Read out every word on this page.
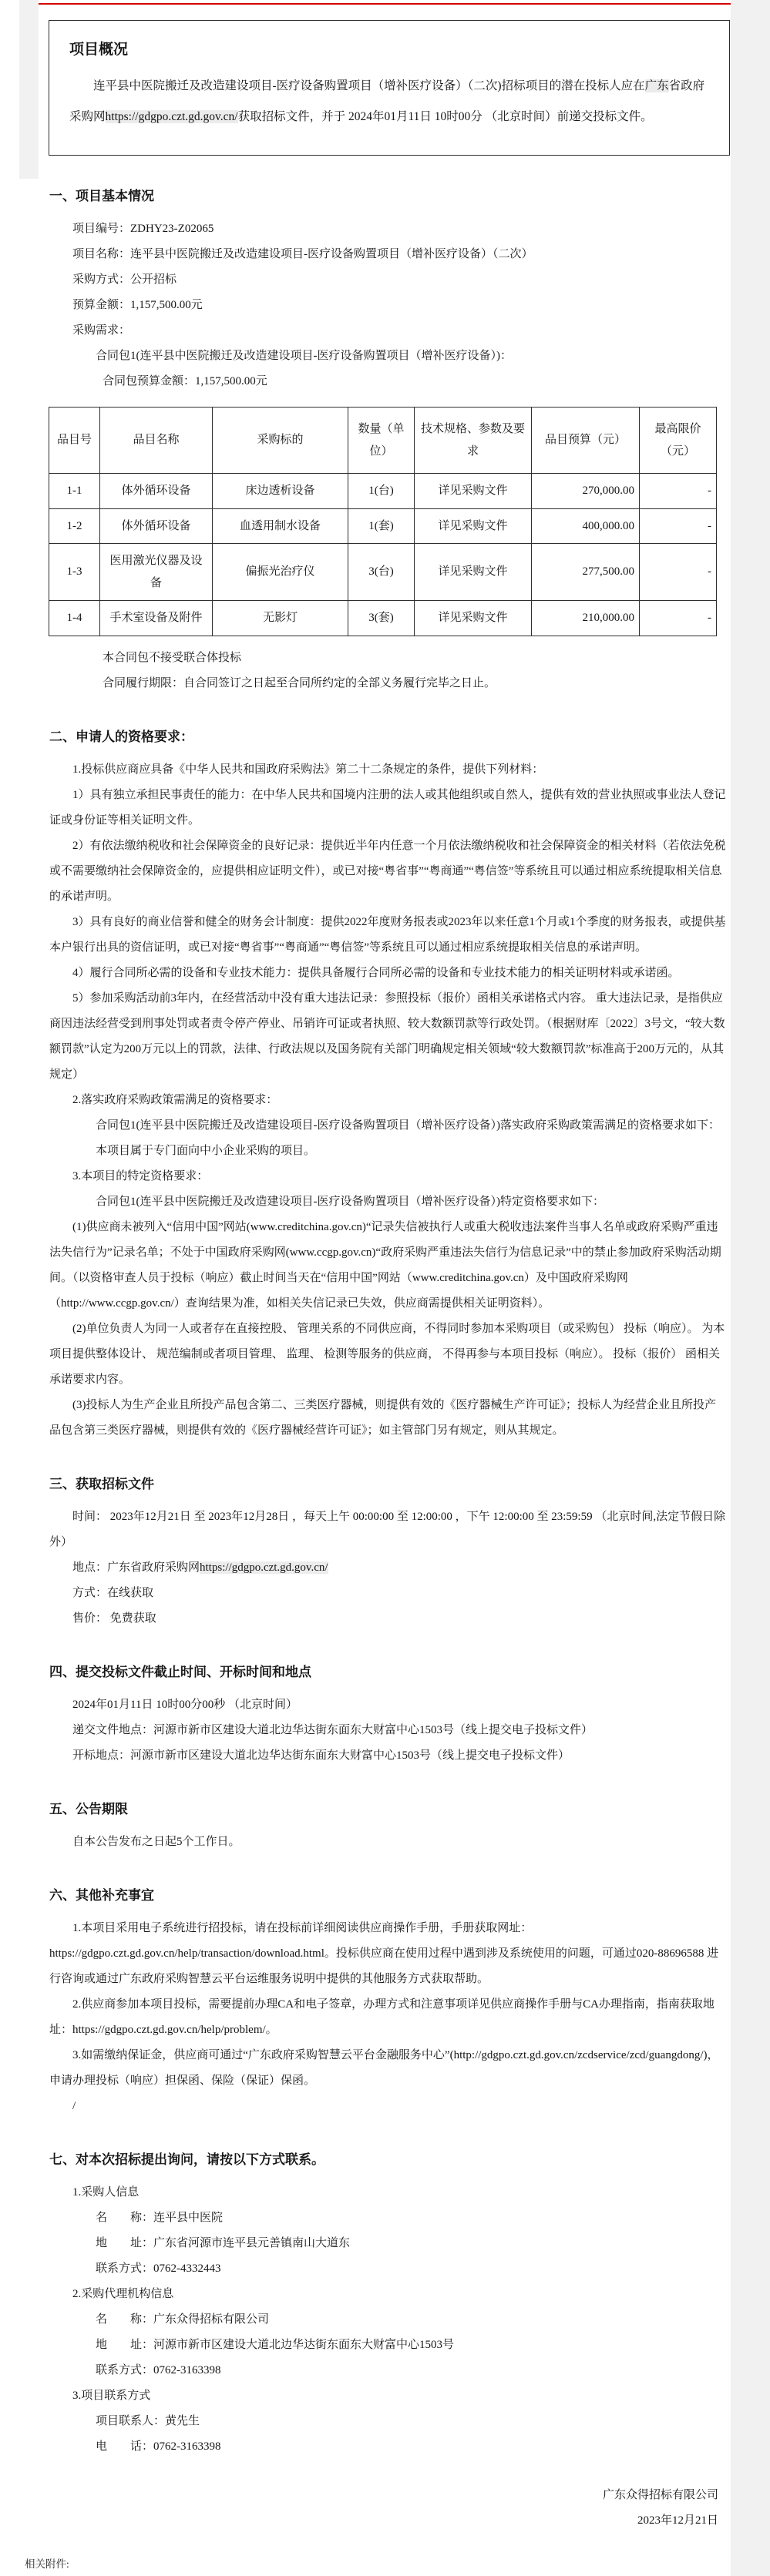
项目概况

连平县中医院搬迁及改造建设项目-医疗设备购置项目（增补医疗设备）（二次)招标项目的潜在投标人应在广东省政府采购网https://gdgpo.czt.gd.gov.cn/获取招标文件，并于 2024年01月11日 10时00分 （北京时间）前递交投标文件。

一、项目基本情况

项目编号：ZDHY23-Z02065

项目名称：连平县中医院搬迁及改造建设项目-医疗设备购置项目（增补医疗设备）（二次）

采购方式：公开招标

预算金额：1,157,500.00元

采购需求：

合同包1(连平县中医院搬迁及改造建设项目-医疗设备购置项目（增补医疗设备）)：

合同包预算金额：1,157,500.00元

品目号	品目名称	采购标的	数量（单位）	技术规格、参数及要求	品目预算（元）	最高限价（元）
1-1	体外循环设备	床边透析设备	1(台)	详见采购文件	270,000.00	-
1-2	体外循环设备	血透用制水设备	1(套)	详见采购文件	400,000.00	-
1-3	医用激光仪器及设备	偏振光治疗仪	3(台)	详见采购文件	277,500.00	-
1-4	手术室设备及附件	无影灯	3(套)	详见采购文件	210,000.00	-

本合同包不接受联合体投标

合同履行期限：自合同签订之日起至合同所约定的全部义务履行完毕之日止。

二、申请人的资格要求：

1.投标供应商应具备《中华人民共和国政府采购法》第二十二条规定的条件，提供下列材料：

1）具有独立承担民事责任的能力：在中华人民共和国境内注册的法人或其他组织或自然人，提供有效的营业执照或事业法人登记证或身份证等相关证明文件。

2）有依法缴纳税收和社会保障资金的良好记录：提供近半年内任意一个月依法缴纳税收和社会保障资金的相关材料（若依法免税或不需要缴纳社会保障资金的，应提供相应证明文件），或已对接“粤省事”“粤商通”“粤信签”等系统且可以通过相应系统提取相关信息的承诺声明。

3）具有良好的商业信誉和健全的财务会计制度：提供2022年度财务报表或2023年以来任意1个月或1个季度的财务报表，或提供基本户银行出具的资信证明，或已对接“粤省事”“粤商通”“粤信签”等系统且可以通过相应系统提取相关信息的承诺声明。

4）履行合同所必需的设备和专业技术能力：提供具备履行合同所必需的设备和专业技术能力的相关证明材料或承诺函。

5）参加采购活动前3年内，在经营活动中没有重大违法记录：参照投标（报价）函相关承诺格式内容。 重大违法记录，是指供应商因违法经营受到刑事处罚或者责令停产停业、吊销许可证或者执照、较大数额罚款等行政处罚。（根据财库〔2022〕3号文，“较大数额罚款”认定为200万元以上的罚款，法律、行政法规以及国务院有关部门明确规定相关领域“较大数额罚款”标准高于200万元的，从其规定）

2.落实政府采购政策需满足的资格要求：

合同包1(连平县中医院搬迁及改造建设项目-医疗设备购置项目（增补医疗设备）)落实政府采购政策需满足的资格要求如下：

本项目属于专门面向中小企业采购的项目。

3.本项目的特定资格要求：

合同包1(连平县中医院搬迁及改造建设项目-医疗设备购置项目（增补医疗设备）)特定资格要求如下：

(1)供应商未被列入“信用中国”网站(www.creditchina.gov.cn)“记录失信被执行人或重大税收违法案件当事人名单或政府采购严重违法失信行为”记录名单；不处于中国政府采购网(www.ccgp.gov.cn)“政府采购严重违法失信行为信息记录”中的禁止参加政府采购活动期间。（以资格审查人员于投标（响应）截止时间当天在“信用中国”网站（www.creditchina.gov.cn）及中国政府采购网（http://www.ccgp.gov.cn/）查询结果为准，如相关失信记录已失效，供应商需提供相关证明资料）。

(2)单位负责人为同一人或者存在直接控股、 管理关系的不同供应商，不得同时参加本采购项目（或采购包） 投标（响应）。 为本项目提供整体设计、 规范编制或者项目管理、 监理、 检测等服务的供应商， 不得再参与本项目投标（响应）。 投标（报价） 函相关承诺要求内容。

(3)投标人为生产企业且所投产品包含第二、三类医疗器械，则提供有效的《医疗器械生产许可证》；投标人为经营企业且所投产品包含第三类医疗器械，则提供有效的《医疗器械经营许可证》；如主管部门另有规定，则从其规定。

三、获取招标文件

时间： 2023年12月21日 至 2023年12月28日 ，每天上午 00:00:00 至 12:00:00 ，下午 12:00:00 至 23:59:59 （北京时间,法定节假日除外）

地点：广东省政府采购网https://gdgpo.czt.gd.gov.cn/

方式：在线获取

售价： 免费获取

四、提交投标文件截止时间、开标时间和地点

2024年01月11日 10时00分00秒 （北京时间）

递交文件地点：河源市新市区建设大道北边华达街东面东大财富中心1503号（线上提交电子投标文件）

开标地点：河源市新市区建设大道北边华达街东面东大财富中心1503号（线上提交电子投标文件）

五、公告期限

自本公告发布之日起5个工作日。

六、其他补充事宜

1.本项目采用电子系统进行招投标，请在投标前详细阅读供应商操作手册，手册获取网址：https://gdgpo.czt.gd.gov.cn/help/transaction/download.html。投标供应商在使用过程中遇到涉及系统使用的问题，可通过020-88696588 进行咨询或通过广东政府采购智慧云平台运维服务说明中提供的其他服务方式获取帮助。

2.供应商参加本项目投标，需要提前办理CA和电子签章，办理方式和注意事项详见供应商操作手册与CA办理指南，指南获取地址：https://gdgpo.czt.gd.gov.cn/help/problem/。

3.如需缴纳保证金，供应商可通过“广东政府采购智慧云平台金融服务中心”(http://gdgpo.czt.gd.gov.cn/zcdservice/zcd/guangdong/)，申请办理投标（响应）担保函、保险（保证）保函。

/

七、对本次招标提出询问，请按以下方式联系。

1.采购人信息

名　　称：连平县中医院

地　　址：广东省河源市连平县元善镇南山大道东

联系方式：0762-4332443

2.采购代理机构信息

名　　称：广东众得招标有限公司

地　　址：河源市新市区建设大道北边华达街东面东大财富中心1503号

联系方式：0762-3163398

3.项目联系方式

项目联系人：黄先生

电　　话：0762-3163398

广东众得招标有限公司
2023年12月21日
相关附件:
